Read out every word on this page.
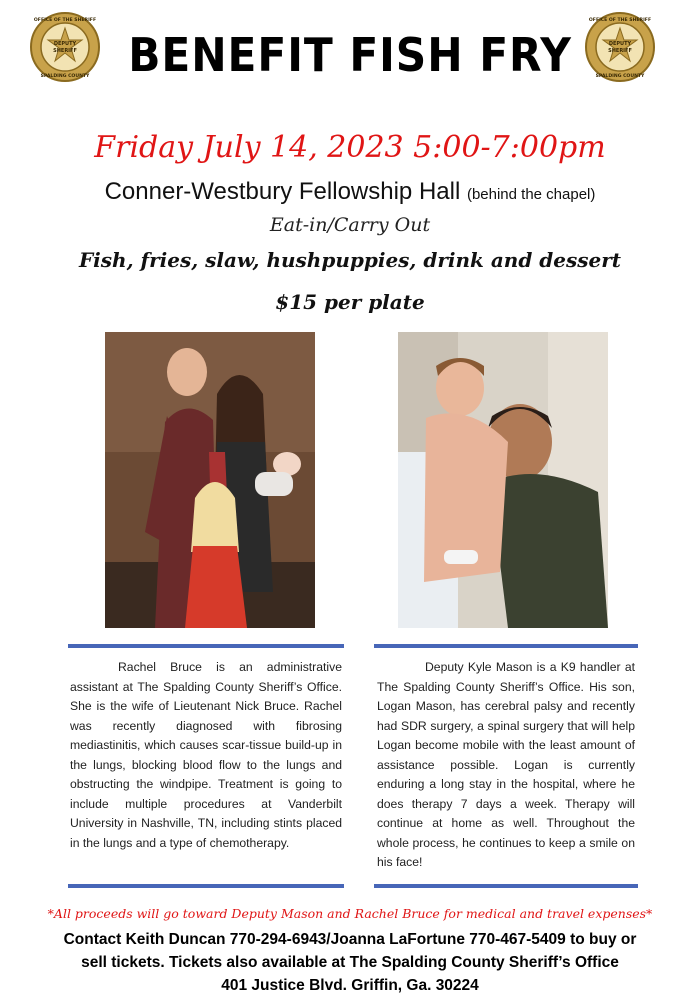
DEPUTY
SHERIFF
OFFICE OF THE SHERIFF
SPALDING COUNTY
DEPUTY
SHERIFF
OFFICE OF THE SHERIFF
SPALDING COUNTY
BENEFIT FISH FRY
Friday July 14, 2023 5:00-7:00pm
Conner-Westbury Fellowship Hall (behind the chapel)
Eat-in/Carry Out
Fish, fries, slaw, hushpuppies, drink and dessert
$15 per plate
Rachel Bruce is an administrative assistant at The Spalding County Sheriff’s Office. She is the wife of Lieutenant Nick Bruce. Rachel was recently diagnosed with fibrosing mediastinitis, which causes scar-tissue build-up in the lungs, blocking blood flow to the lungs and obstructing the windpipe. Treatment is going to include multiple procedures at Vanderbilt University in Nashville, TN, including stints placed in the lungs and a type of chemotherapy.
Deputy Kyle Mason is a K9 handler at The Spalding County Sheriff’s Office. His son, Logan Mason, has cerebral palsy and recently had SDR surgery, a spinal surgery that will help Logan become mobile with the least amount of assistance possible. Logan is currently enduring a long stay in the hospital, where he does therapy 7 days a week. Therapy will continue at home as well. Throughout the whole process, he continues to keep a smile on his face!
*All proceeds will go toward Deputy Mason and Rachel Bruce for medical and travel expenses*
Contact Keith Duncan 770-294-6943/Joanna LaFortune 770-467-5409 to buy or
sell tickets. Tickets also available at The Spalding County Sheriff’s Office
401 Justice Blvd. Griffin, Ga. 30224
